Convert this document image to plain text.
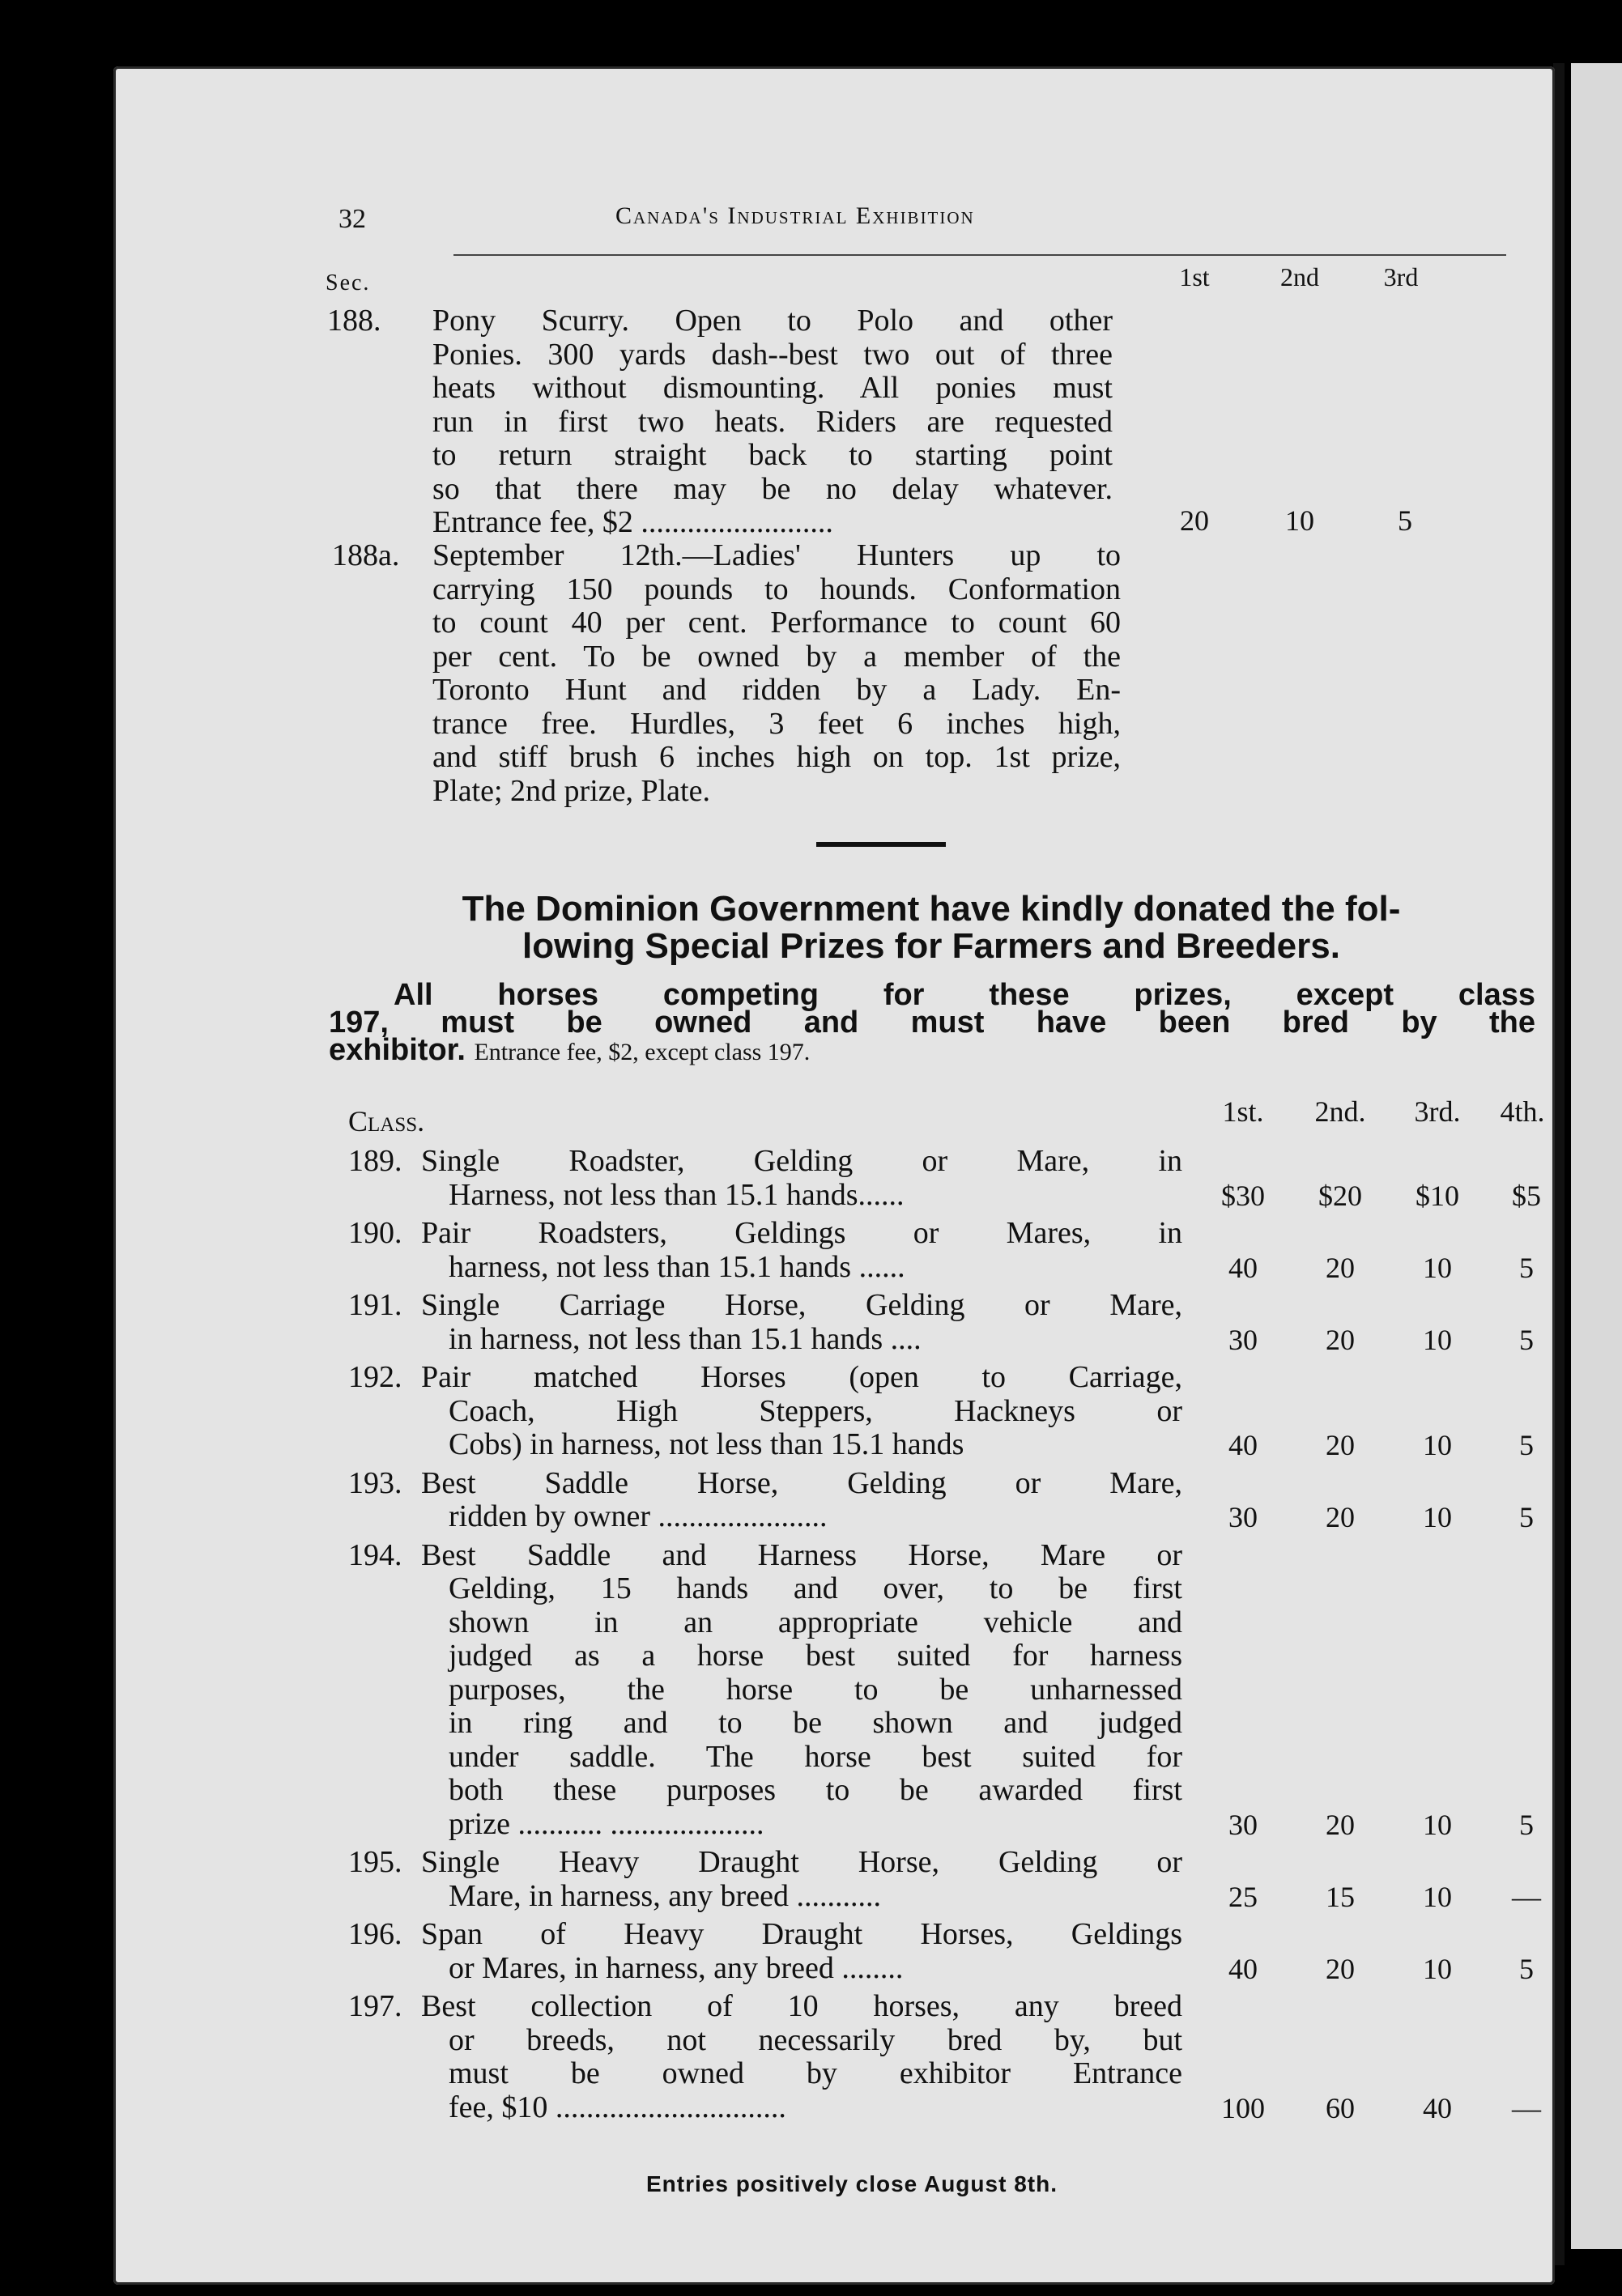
32	Canada's Industrial Exhibition
Sec.	1st	2nd	3rd
188. Pony Scurry. Open to Polo and other
Ponies. 300 yards dash--best two out of three
heats without dismounting. All ponies must
run in first two heats. Riders are requested
to return straight back to starting point
so that there may be no delay whatever.
Entrance fee, $2 .........................	20	10	5
188a. September 12th.—Ladies' Hunters up to
carrying 150 pounds to hounds. Conformation
to count 40 per cent. Performance to count 60
per cent. To be owned by a member of the
Toronto Hunt and ridden by a Lady. En-
trance free. Hurdles, 3 feet 6 inches high,
and stiff brush 6 inches high on top. 1st prize,
Plate; 2nd prize, Plate.
The Dominion Government have kindly donated the fol-
lowing Special Prizes for Farmers and Breeders.
All horses competing for these prizes, except class
197, must be owned and must have been bred by the
exhibitor. Entrance fee, $2, except class 197.
Class.	1st.	2nd.	3rd.	4th.
189. Single Roadster, Gelding or Mare, in
Harness, not less than 15.1 hands......	$30	$20	$10	$5
190. Pair Roadsters, Geldings or Mares, in
harness, not less than 15.1 hands ......	40	20	10	5
191. Single Carriage Horse, Gelding or Mare,
in harness, not less than 15.1 hands ....	30	20	10	5
192. Pair matched Horses (open to Carriage,
Coach, High Steppers, Hackneys or
Cobs) in harness, not less than 15.1 hands	40	20	10	5
193. Best Saddle Horse, Gelding or Mare,
ridden by owner ......................	30	20	10	5
194. Best Saddle and Harness Horse, Mare or
Gelding, 15 hands and over, to be first
shown in an appropriate vehicle and
judged as a horse best suited for harness
purposes, the horse to be unharnessed
in ring and to be shown and judged
under saddle. The horse best suited for
both these purposes to be awarded first
prize ........... ....................	30	20	10	5
195. Single Heavy Draught Horse, Gelding or
Mare, in harness, any breed ...........	25	15	10	—
196. Span of Heavy Draught Horses, Geldings
or Mares, in harness, any breed ........	40	20	10	5
197. Best collection of 10 horses, any breed
or breeds, not necessarily bred by, but
must be owned by exhibitor Entrance
fee, $10 ..............................	100	60	40	—
Entries positively close August 8th.
